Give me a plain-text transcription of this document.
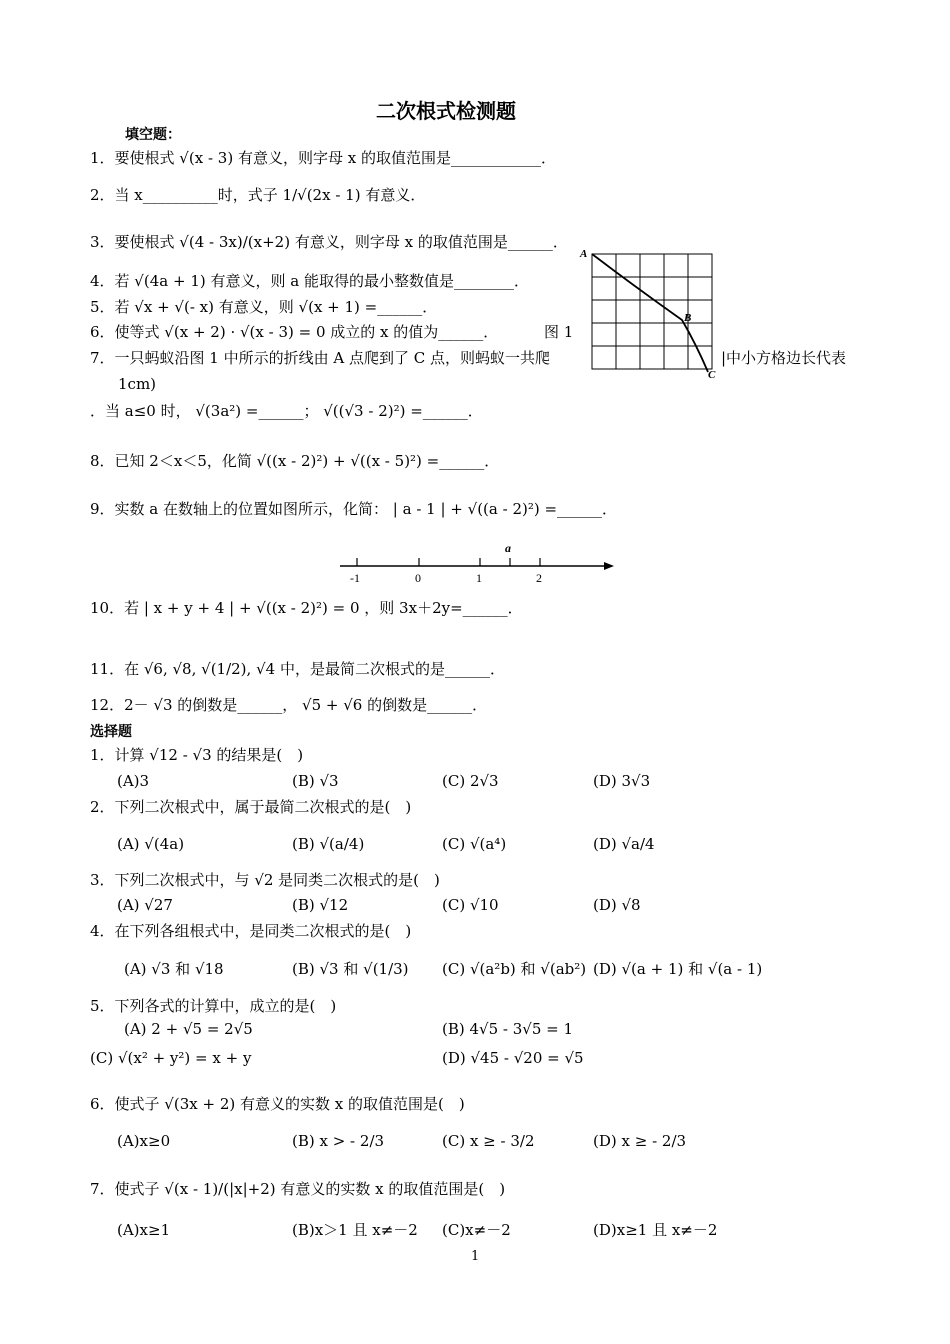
二次根式检测题
填空题：
1．要使根式 √(x - 3) 有意义，则字母 x 的取值范围是____________．
2．当 x__________时，式子 1/√(2x - 1) 有意义．
3．要使根式 √(4 - 3x)/(x+2) 有意义，则字母 x 的取值范围是______．
4．若 √(4a + 1) 有意义，则 a 能取得的最小整数值是________．
5．若 √x + √(- x) 有意义，则 √(x + 1) =______．
6．使等式 √(x + 2) · √(x - 3) = 0 成立的 x 的值为______．
7．一只蚂蚁沿图 1 中所示的折线由 A 点爬到了 C 点，则蚂蚁一共爬	|中小方格边长代表
1cm)
．当 a≤0 时， √(3a²) =______； √((√3 - 2)²) =______．
8．已知 2＜x＜5，化简 √((x - 2)²) + √((x - 5)²) =______．
9．实数 a 在数轴上的位置如图所示，化简： | a - 1 | + √((a - 2)²) =______．
-1	0	1	2
a
10．若 | x + y + 4 | + √((x - 2)²) = 0 ，则 3x＋2y=______．
11．在 √6, √8, √(1/2), √4 中，是最简二次根式的是______．
12．2－ √3 的倒数是______， √5 + √6 的倒数是______．
A
B
C
图 1
选择题
1．计算 √12 - √3 的结果是(　)
(A)3	(B) √3	(C) 2√3	(D) 3√3
2．下列二次根式中，属于最简二次根式的是(　)
(A) √(4a)	(B) √(a/4)	(C) √(a⁴)	(D) √a/4
3．下列二次根式中，与 √2 是同类二次根式的是(　)
(A) √27	(B) √12	(C) √10	(D) √8
4．在下列各组根式中，是同类二次根式的是(　)
(A) √3 和 √18	(B) √3 和 √(1/3) (C) √(a²b) 和 √(ab²) (D) √(a + 1) 和 √(a - 1)
5．下列各式的计算中，成立的是(　)
(A) 2 + √5 = 2√5	(B) 4√5 - 3√5 = 1
(C) √(x² + y²) = x + y	(D) √45 - √20 = √5
6．使式子 √(3x + 2) 有意义的实数 x 的取值范围是(　)
(A)x≥0	(B) x > - 2/3	(C) x ≥ - 3/2	(D) x ≥ - 2/3
7．使式子 √(x - 1)/(|x|+2) 有意义的实数 x 的取值范围是(　)
(A)x≥1	(B)x＞1 且 x≠－2 (C)x≠－2	(D)x≥1 且 x≠－2
1
